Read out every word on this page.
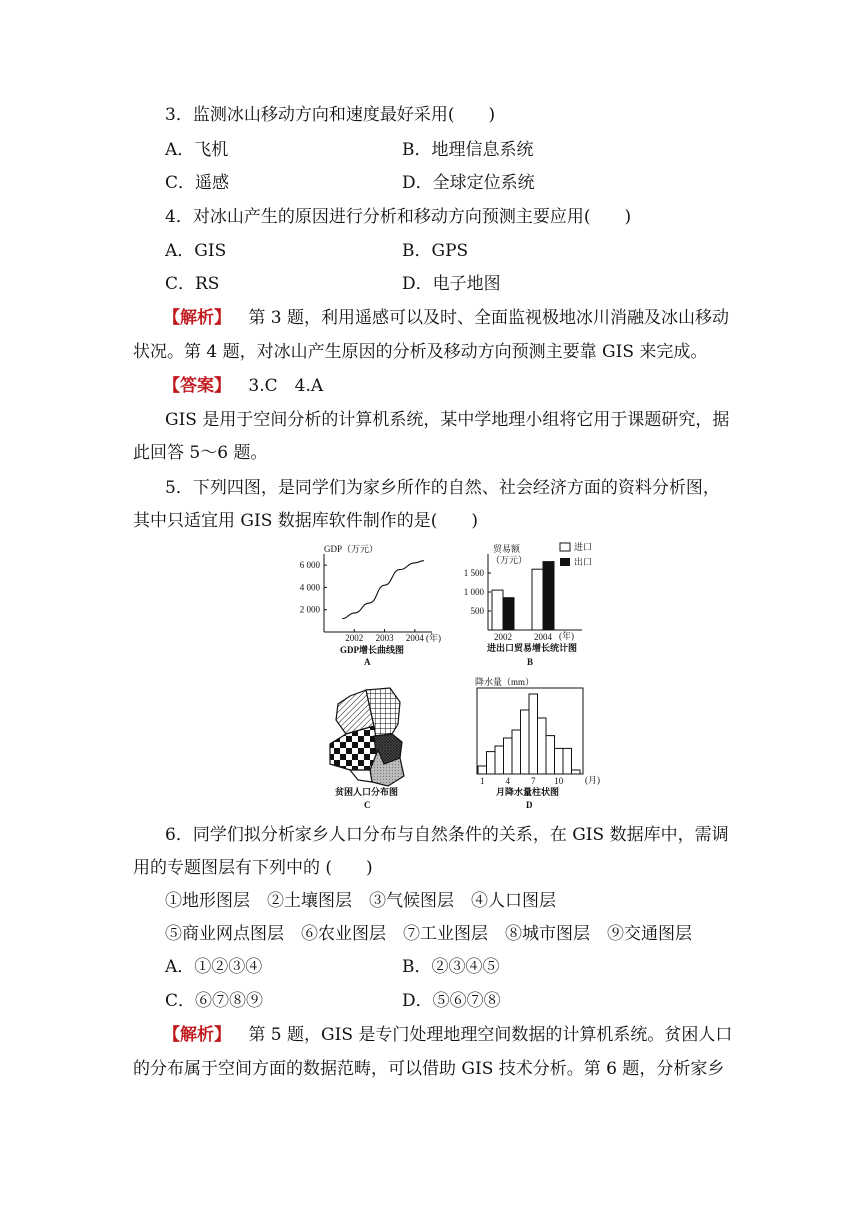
3．监测冰山移动方向和速度最好采用(　　)
A．飞机	B．地理信息系统
C．遥感	D．全球定位系统
4．对冰山产生的原因进行分析和移动方向预测主要应用(　　)
A．GIS	B．GPS
C．RS	D．电子地图
【解析】 第 3 题，利用遥感可以及时、全面监视极地冰川消融及冰山移动
状况。第 4 题，对冰山产生原因的分析及移动方向预测主要靠 GIS 来完成。
【答案】 3.C　4.A
GIS 是用于空间分析的计算机系统，某中学地理小组将它用于课题研究，据
此回答 5～6 题。
5．下列四图，是同学们为家乡所作的自然、社会经济方面的资料分析图，
其中只适宜用 GIS 数据库软件制作的是(　　)
GDP（万元）
2 000
4 000
6 000
2002 2003 2004 (年)
GDP增长曲线图
A
贸易额
（万元）
500
1 000
1 500
2002 2004 (年)
进口
出口
进出口贸易增长统计图
B
贫困人口分布图
C
降水量（mm）
1 4 7 10 (月)
月降水量柱状图
D
6．同学们拟分析家乡人口分布与自然条件的关系，在 GIS 数据库中，需调
用的专题图层有下列中的 (　　)
①地形图层　②土壤图层　③气候图层　④人口图层
⑤商业网点图层　⑥农业图层　⑦工业图层　⑧城市图层　⑨交通图层
A．①②③④	B．②③④⑤
C．⑥⑦⑧⑨	D．⑤⑥⑦⑧
【解析】 第 5 题，GIS 是专门处理地理空间数据的计算机系统。贫困人口
的分布属于空间方面的数据范畴，可以借助 GIS 技术分析。第 6 题，分析家乡
